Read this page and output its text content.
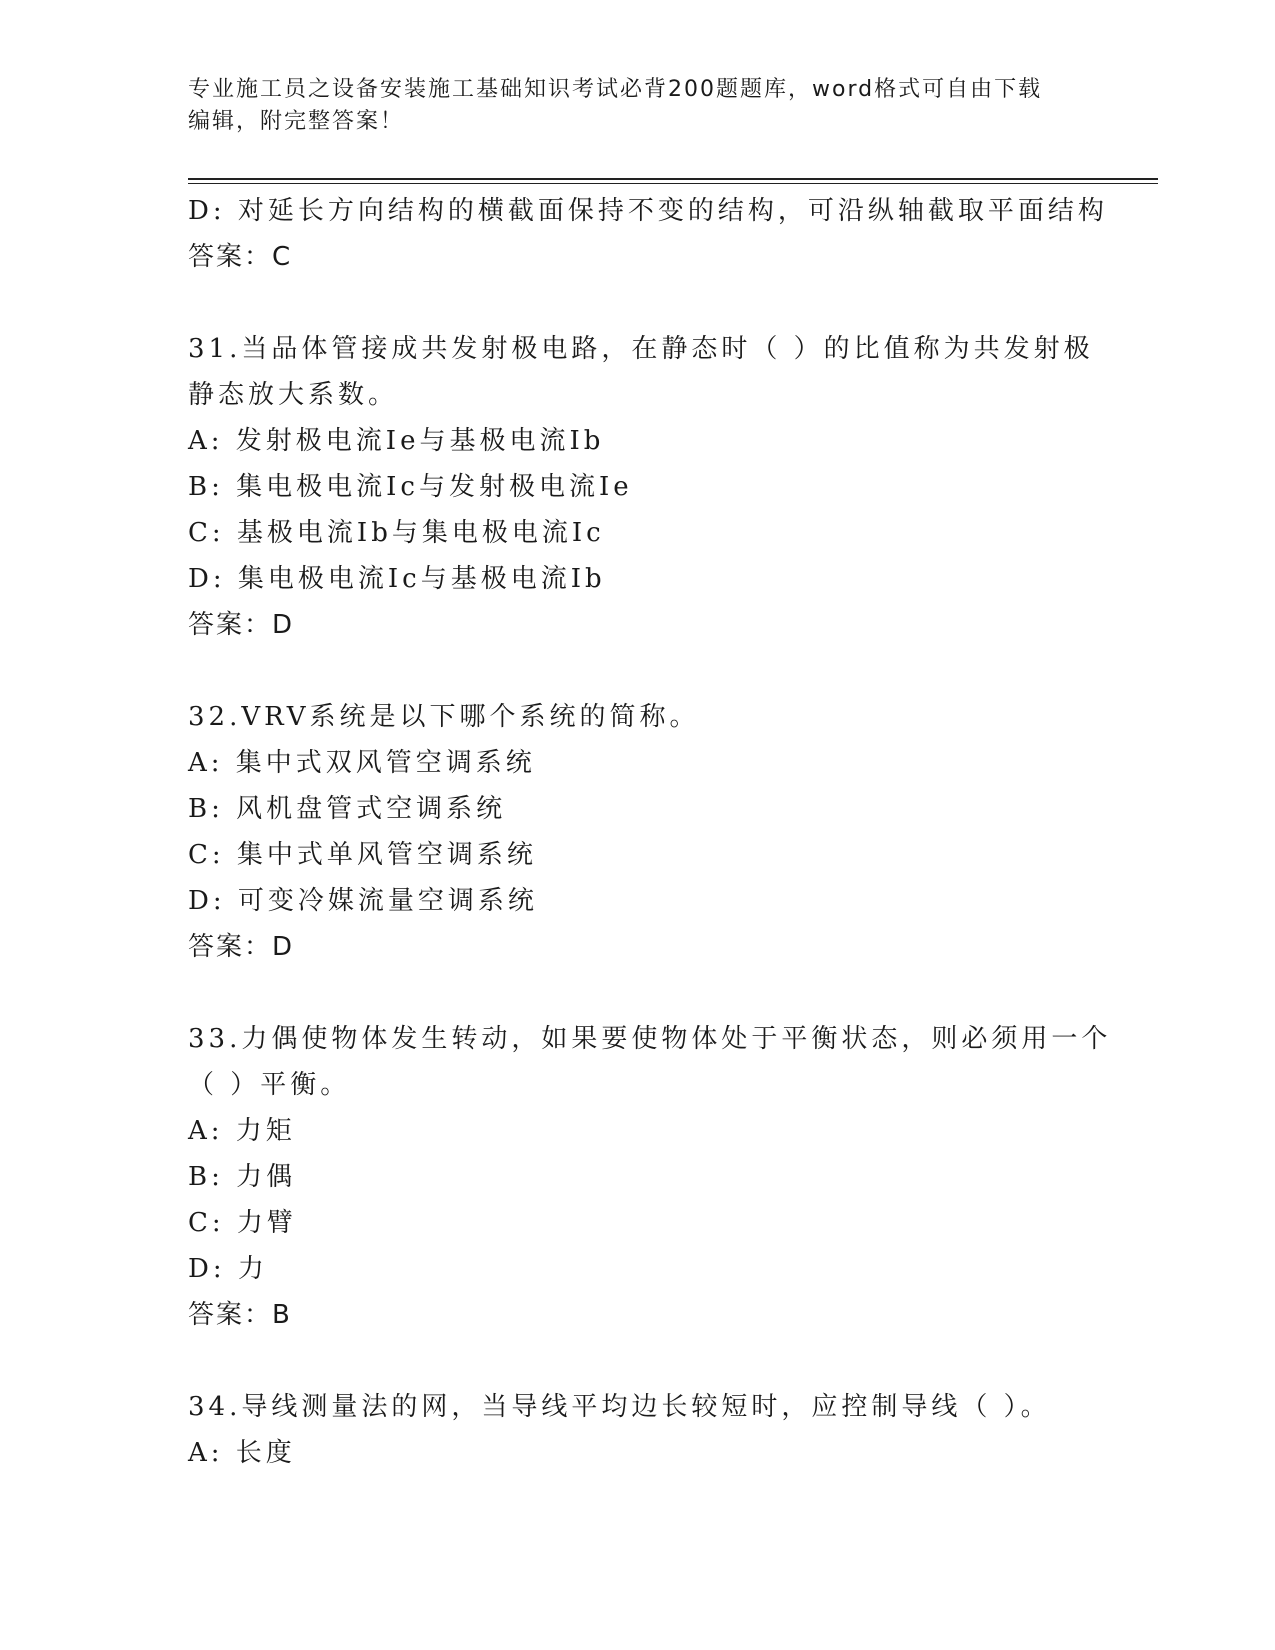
专业施工员之设备安装施工基础知识考试必背200题题库，word格式可自由下载
编辑，附完整答案！
D: 对延长方向结构的横截面保持不变的结构，可沿纵轴截取平面结构
答案：C
31.当品体管接成共发射极电路，在静态时（ ）的比值称为共发射极
静态放大系数。
A: 发射极电流Ie与基极电流Ib
B: 集电极电流Ic与发射极电流Ie
C: 基极电流Ib与集电极电流Ic
D: 集电极电流Ic与基极电流Ib
答案：D
32.VRV系统是以下哪个系统的简称。
A: 集中式双风管空调系统
B: 风机盘管式空调系统
C: 集中式单风管空调系统
D: 可变冷媒流量空调系统
答案：D
33.力偶使物体发生转动，如果要使物体处于平衡状态，则必须用一个
（ ）平衡。
A: 力矩
B: 力偶
C: 力臂
D: 力
答案：B
34.导线测量法的网，当导线平均边长较短时，应控制导线（ ）。
A: 长度
